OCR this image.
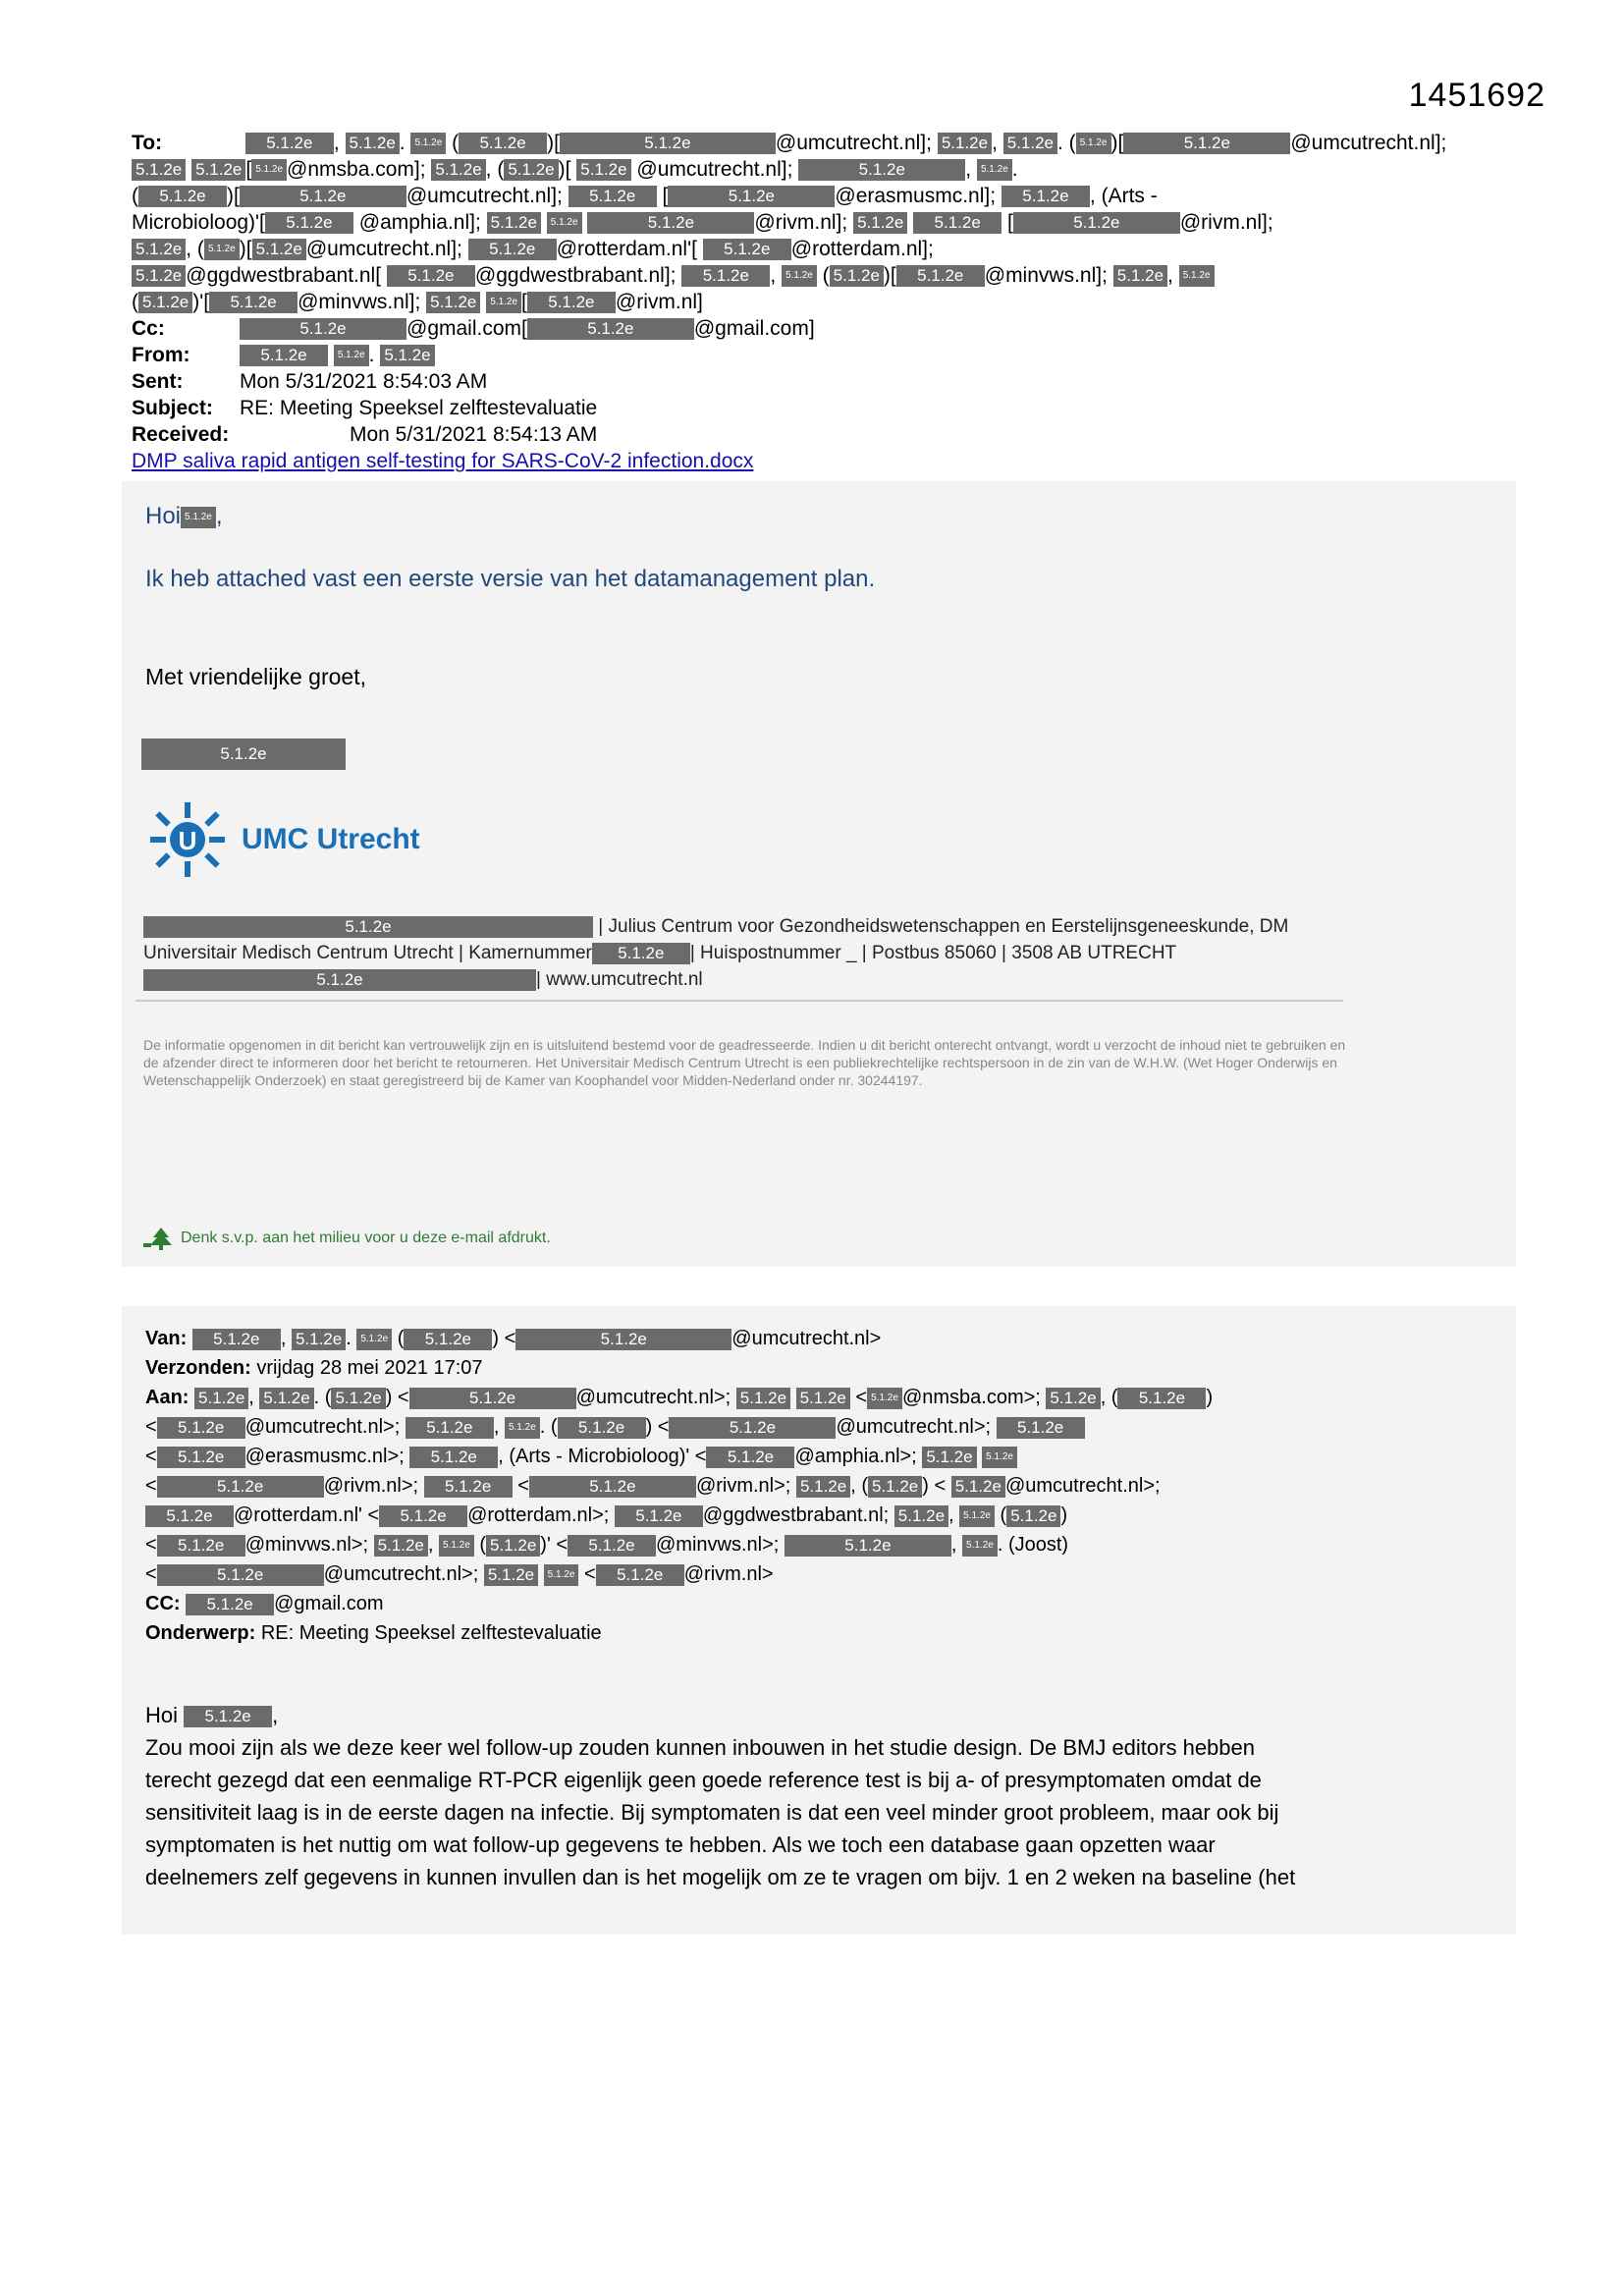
1451692
To:	5.1.2e , 5.1.2e . 5.1.2e ( 5.1.2e )[	5.1.2e	@umcutrecht.nl]; 5.1.2e , 5.1.2e . ( 5.1.2e )[	5.1.2e	@umcutrecht.nl];
5.1.2e 5.1.2e [ 5.1.2e @nmsba.com]; 5.1.2e , ( 5.1.2e )[ 5.1.2e @umcutrecht.nl];	5.1.2e	, 5.1.2e .
( 5.1.2e )[	5.1.2e	@umcutrecht.nl]; 5.1.2e [	5.1.2e	@erasmusmc.nl]; 5.1.2e , (Arts -
Microbioloog)'[ 5.1.2e @amphia.nl]; 5.1.2e 5.1.2e	5.1.2e	@rivm.nl]; 5.1.2e 5.1.2e [	5.1.2e	@rivm.nl];
5.1.2e , ( 5.1.2e )[ 5.1.2e @umcutrecht.nl]; 5.1.2e @rotterdam.nl'[ 5.1.2e @rotterdam.nl];
5.1.2e @ggdwestbrabant.nl[ 5.1.2e @ggdwestbrabant.nl]; 5.1.2e , 5.1.2e ( 5.1.2e )[ 5.1.2e @minvws.nl]; 5.1.2e , 5.1.2e
( 5.1.2e )'[ 5.1.2e @minvws.nl]; 5.1.2e 5.1.2e [ 5.1.2e @rivm.nl]
Cc:	5.1.2e	@gmail.com[	5.1.2e	@gmail.com]
From:	5.1.2e	5.1.2e . 5.1.2e
Sent:	Mon 5/31/2021 8:54:03 AM
Subject: RE: Meeting Speeksel zelftestevaluatie
Received:	Mon 5/31/2021 8:54:13 AM
DMP saliva rapid antigen self-testing for SARS-CoV-2 infection.docx
Hoi 5.1.2e ,
Ik heb attached vast een eerste versie van het datamanagement plan.
Met vriendelijke groet,
5.1.2e
U UMC Utrecht
5.1.2e	| Julius Centrum voor Gezondheidswetenschappen en Eerstelijnsgeneeskunde, DM
Universitair Medisch Centrum Utrecht | Kamernummer 5.1.2e | Huispostnummer _ | Postbus 85060 | 3508 AB UTRECHT
5.1.2e	| www.umcutrecht.nl
De informatie opgenomen in dit bericht kan vertrouwelijk zijn en is uitsluitend bestemd voor de geadresseerde. Indien u dit bericht onterecht ontvangt, wordt u verzocht de inhoud niet te gebruiken en de afzender direct te informeren door het bericht te retourneren. Het Universitair Medisch Centrum Utrecht is een publiekrechtelijke rechtspersoon in de zin van de W.H.W. (Wet Hoger Onderwijs en Wetenschappelijk Onderzoek) en staat geregistreerd bij de Kamer van Koophandel voor Midden-Nederland onder nr. 30244197.
Denk s.v.p. aan het milieu voor u deze e-mail afdrukt.
Van: 5.1.2e , 5.1.2e . 5.1.2e ( 5.1.2e ) <	5.1.2e	@umcutrecht.nl>
Verzonden: vrijdag 28 mei 2021 17:07
Aan: 5.1.2e , 5.1.2e . ( 5.1.2e ) <	5.1.2e	@umcutrecht.nl>; 5.1.2e 5.1.2e < 5.1.2e @nmsba.com>; 5.1.2e , ( 5.1.2e )
< 5.1.2e @umcutrecht.nl>; 5.1.2e , 5.1.2e . ( 5.1.2e ) <	5.1.2e	@umcutrecht.nl>; 5.1.2e
< 5.1.2e @erasmusmc.nl>; 5.1.2e , (Arts - Microbioloog)' < 5.1.2e @amphia.nl>; 5.1.2e 5.1.2e
<	5.1.2e	@rivm.nl>; 5.1.2e <	5.1.2e	@rivm.nl>; 5.1.2e , ( 5.1.2e ) < 5.1.2e @umcutrecht.nl>;
5.1.2e @rotterdam.nl' < 5.1.2e @rotterdam.nl>; 5.1.2e @ggdwestbrabant.nl; 5.1.2e , 5.1.2e ( 5.1.2e )
< 5.1.2e @minvws.nl>; 5.1.2e , 5.1.2e ( 5.1.2e )' < 5.1.2e @minvws.nl>;	5.1.2e	, 5.1.2e . (Joost)
<	5.1.2e	@umcutrecht.nl>; 5.1.2e 5.1.2e < 5.1.2e @rivm.nl>
CC: 5.1.2e @gmail.com
Onderwerp: RE: Meeting Speeksel zelftestevaluatie
Hoi 5.1.2e ,
Zou mooi zijn als we deze keer wel follow-up zouden kunnen inbouwen in het studie design. De BMJ editors hebben
terecht gezegd dat een eenmalige RT-PCR eigenlijk geen goede reference test is bij a- of presymptomaten omdat de
sensitiviteit laag is in de eerste dagen na infectie. Bij symptomaten is dat een veel minder groot probleem, maar ook bij
symptomaten is het nuttig om wat follow-up gegevens te hebben. Als we toch een database gaan opzetten waar
deelnemers zelf gegevens in kunnen invullen dan is het mogelijk om ze te vragen om bijv. 1 en 2 weken na baseline (het
